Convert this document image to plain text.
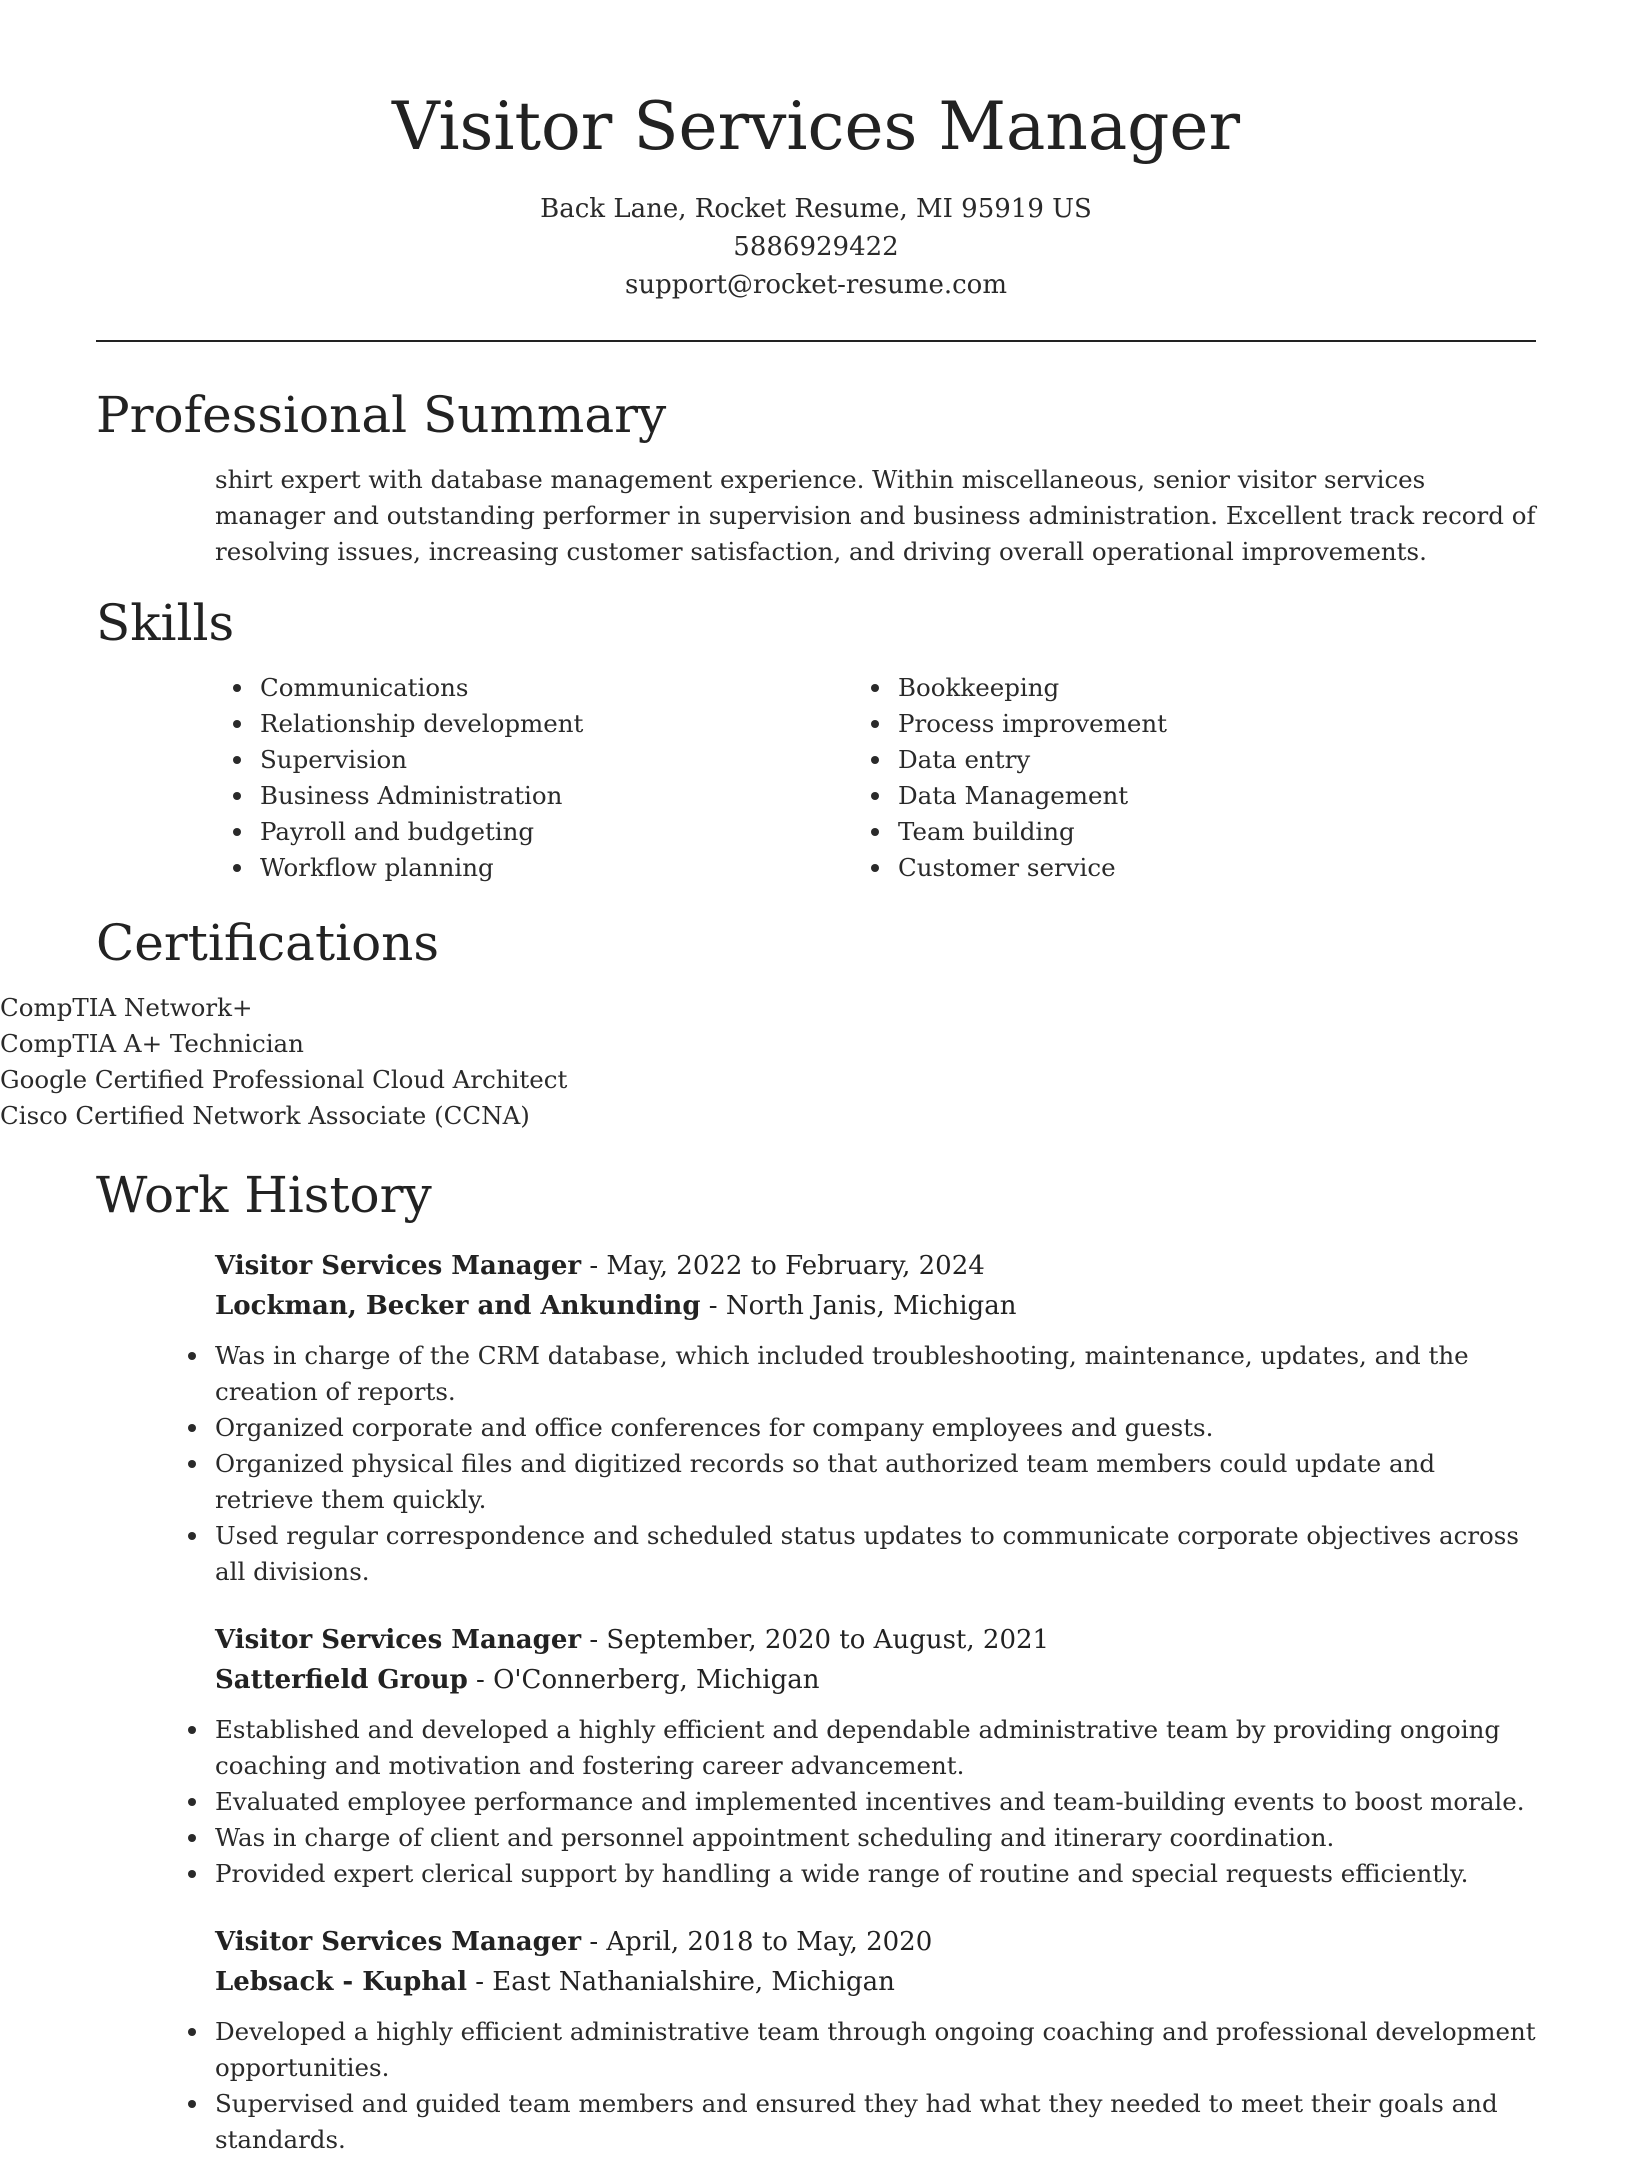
Visitor Services Manager
Back Lane, Rocket Resume, MI 95919 US
5886929422
support@rocket-resume.com
Professional Summary

shirt expert with database management experience. Within miscellaneous, senior visitor services manager and outstanding performer in supervision and business administration. Excellent track record of resolving issues, increasing customer satisfaction, and driving overall operational improvements.

Skills
Communications
Relationship development
Supervision
Business Administration
Payroll and budgeting
Workflow planning
Bookkeeping
Process improvement
Data entry
Data Management
Team building
Customer service
Certifications
CompTIA Network+
CompTIA A+ Technician
Google Certified Professional Cloud Architect
Cisco Certified Network Associate (CCNA)
Work History
Visitor Services Manager - May, 2022 to February, 2024
Lockman, Becker and Ankunding - North Janis, Michigan
Was in charge of the CRM database, which included troubleshooting, maintenance, updates, and the creation of reports.
Organized corporate and office conferences for company employees and guests.
Organized physical files and digitized records so that authorized team members could update and retrieve them quickly.
Used regular correspondence and scheduled status updates to communicate corporate objectives across all divisions.
Visitor Services Manager - September, 2020 to August, 2021
Satterfield Group - O'Connerberg, Michigan
Established and developed a highly efficient and dependable administrative team by providing ongoing coaching and motivation and fostering career advancement.
Evaluated employee performance and implemented incentives and team-building events to boost morale.
Was in charge of client and personnel appointment scheduling and itinerary coordination.
Provided expert clerical support by handling a wide range of routine and special requests efficiently.
Visitor Services Manager - April, 2018 to May, 2020
Lebsack - Kuphal - East Nathanialshire, Michigan
Developed a highly efficient administrative team through ongoing coaching and professional development opportunities.
Supervised and guided team members and ensured they had what they needed to meet their goals and standards.
